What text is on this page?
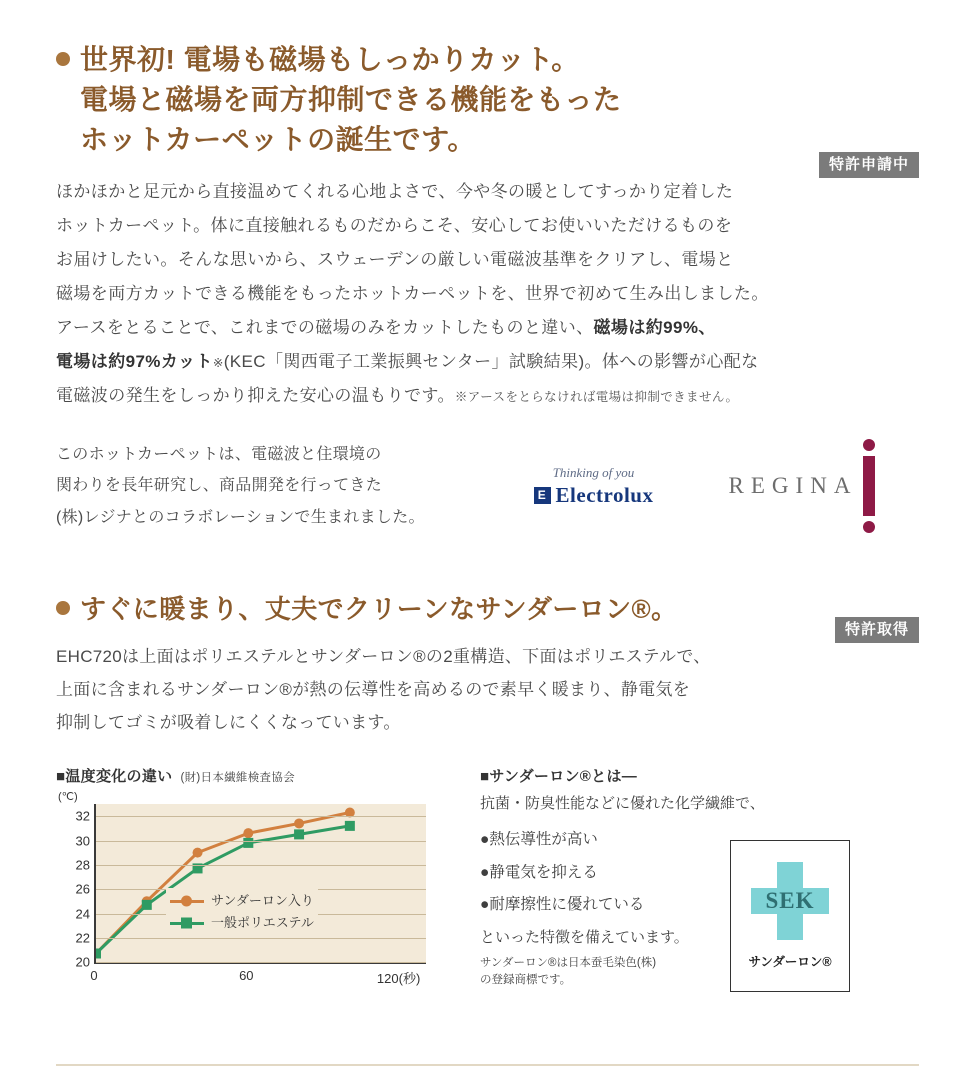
世界初! 電場も磁場もしっかりカット。
電場と磁場を両方抑制できる機能をもった
ホットカーペットの誕生です。
特許申請中
ほかほかと足元から直接温めてくれる心地よさで、今や冬の暖としてすっかり定着した
ホットカーペット。体に直接触れるものだからこそ、安心してお使いいただけるものを
お届けしたい。そんな思いから、スウェーデンの厳しい電磁波基準をクリアし、電場と
磁場を両方カットできる機能をもったホットカーペットを、世界で初めて生み出しました。
アースをとることで、これまでの磁場のみをカットしたものと違い、磁場は約99%、
電場は約97%カット※(KEC「関西電子工業振興センター」試験結果)。体への影響が心配な
電磁波の発生をしっかり抑えた安心の温もりです。※アースをとらなければ電場は抑制できません。
このホットカーペットは、電磁波と住環境の
関わりを長年研究し、商品開発を行ってきた
(株)レジナとのコラボレーションで生まれました。
Thinking of you
E Electrolux	REGINA
すぐに暖まり、丈夫でクリーンなサンダーロン®。
特許取得
EHC720は上面はポリエステルとサンダーロン®の2重構造、下面はポリエステルで、
上面に含まれるサンダーロン®が熱の伝導性を高めるので素早く暖まり、静電気を
抑制してゴミが吸着しにくくなっています。
■温度変化の違い (財)日本繊維検査協会
(℃)
20
22
24
26
28
30
32
0	60	120(秒)
サンダーロン入り
一般ポリエステル
■サンダーロン®とは―
抗菌・防臭性能などに優れた化学繊維で、
●熱伝導性が高い
●静電気を抑える
●耐摩擦性に優れている
といった特徴を備えています。
サンダーロン®は日本蚕毛染色(株)
の登録商標です。
SEK
サンダーロン®
